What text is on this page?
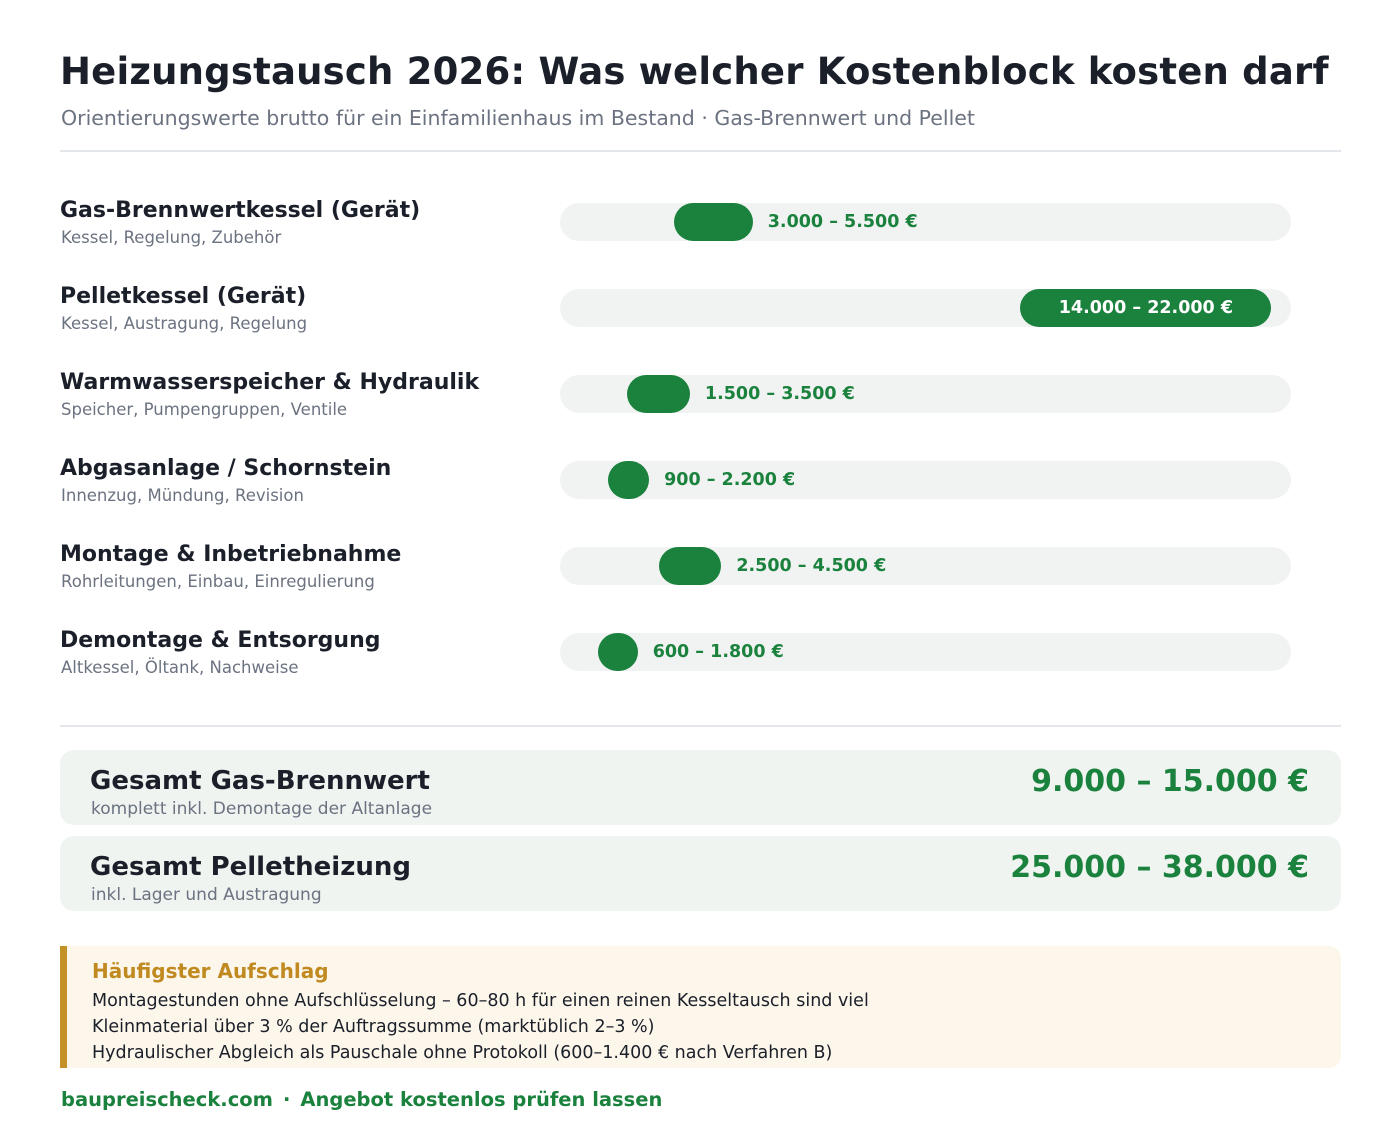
Heizungstausch 2026: Was welcher Kostenblock kosten darf
Orientierungswerte brutto für ein Einfamilienhaus im Bestand · Gas-Brennwert und Pellet
Gas-Brennwertkessel (Gerät)
Kessel, Regelung, Zubehör
3.000 – 5.500 €
Pelletkessel (Gerät)
Kessel, Austragung, Regelung
14.000 – 22.000 €
Warmwasserspeicher & Hydraulik
Speicher, Pumpengruppen, Ventile
1.500 – 3.500 €
Abgasanlage / Schornstein
Innenzug, Mündung, Revision
900 – 2.200 €
Montage & Inbetriebnahme
Rohrleitungen, Einbau, Einregulierung
2.500 – 4.500 €
Demontage & Entsorgung
Altkessel, Öltank, Nachweise
600 – 1.800 €
Gesamt Gas-Brennwert
komplett inkl. Demontage der Altanlage
9.000 – 15.000 €
Gesamt Pelletheizung
inkl. Lager und Austragung
25.000 – 38.000 €
Häufigster Aufschlag
Montagestunden ohne Aufschlüsselung – 60–80 h für einen reinen Kesseltausch sind viel
Kleinmaterial über 3 % der Auftragssumme (marktüblich 2–3 %)
Hydraulischer Abgleich als Pauschale ohne Protokoll (600–1.400 € nach Verfahren B)
baupreischeck.com · Angebot kostenlos prüfen lassen
